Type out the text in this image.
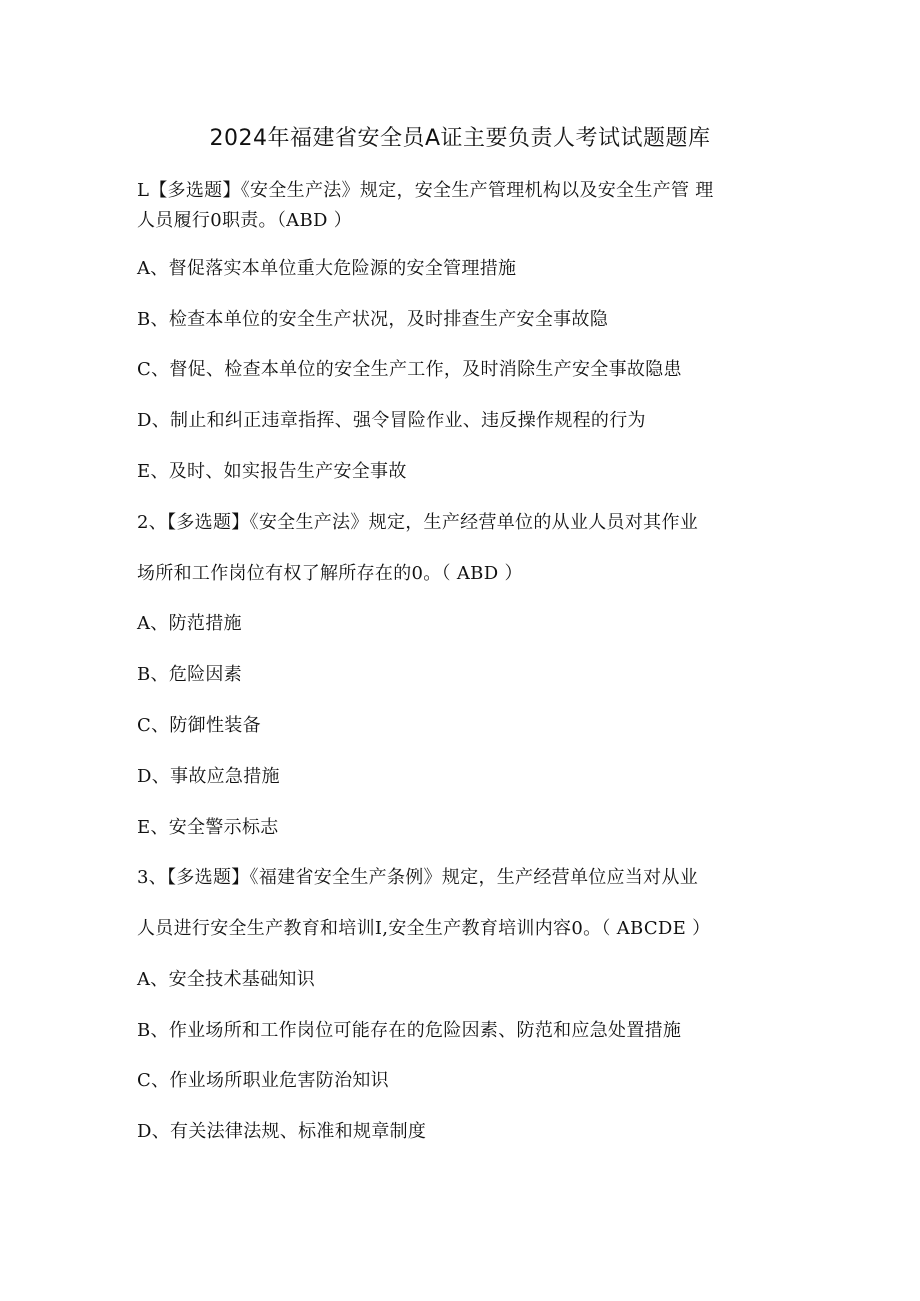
2024年福建省安全员A证主要负责人考试试题题库
L【多选题】《安全生产法》规定，安全生产管理机构以及安全生产管 理
人员履行0职责。（ABD ）
A、督促落实本单位重大危险源的安全管理措施
B、检查本单位的安全生产状况，及时排查生产安全事故隐
C、督促、检查本单位的安全生产工作，及时消除生产安全事故隐患
D、制止和纠正违章指挥、强令冒险作业、违反操作规程的行为
E、及时、如实报告生产安全事故
2、【多选题】《安全生产法》规定，生产经营单位的从业人员对其作业
场所和工作岗位有权了解所存在的0。（ ABD ）
A、防范措施
B、危险因素
C、防御性装备
D、事故应急措施
E、安全警示标志
3、【多选题】《福建省安全生产条例》规定，生产经营单位应当对从业
人员进行安全生产教育和培训I,安全生产教育培训内容0。（ ABCDE ）
A、安全技术基础知识
B、作业场所和工作岗位可能存在的危险因素、防范和应急处置措施
C、作业场所职业危害防治知识
D、有关法律法规、标准和规章制度
